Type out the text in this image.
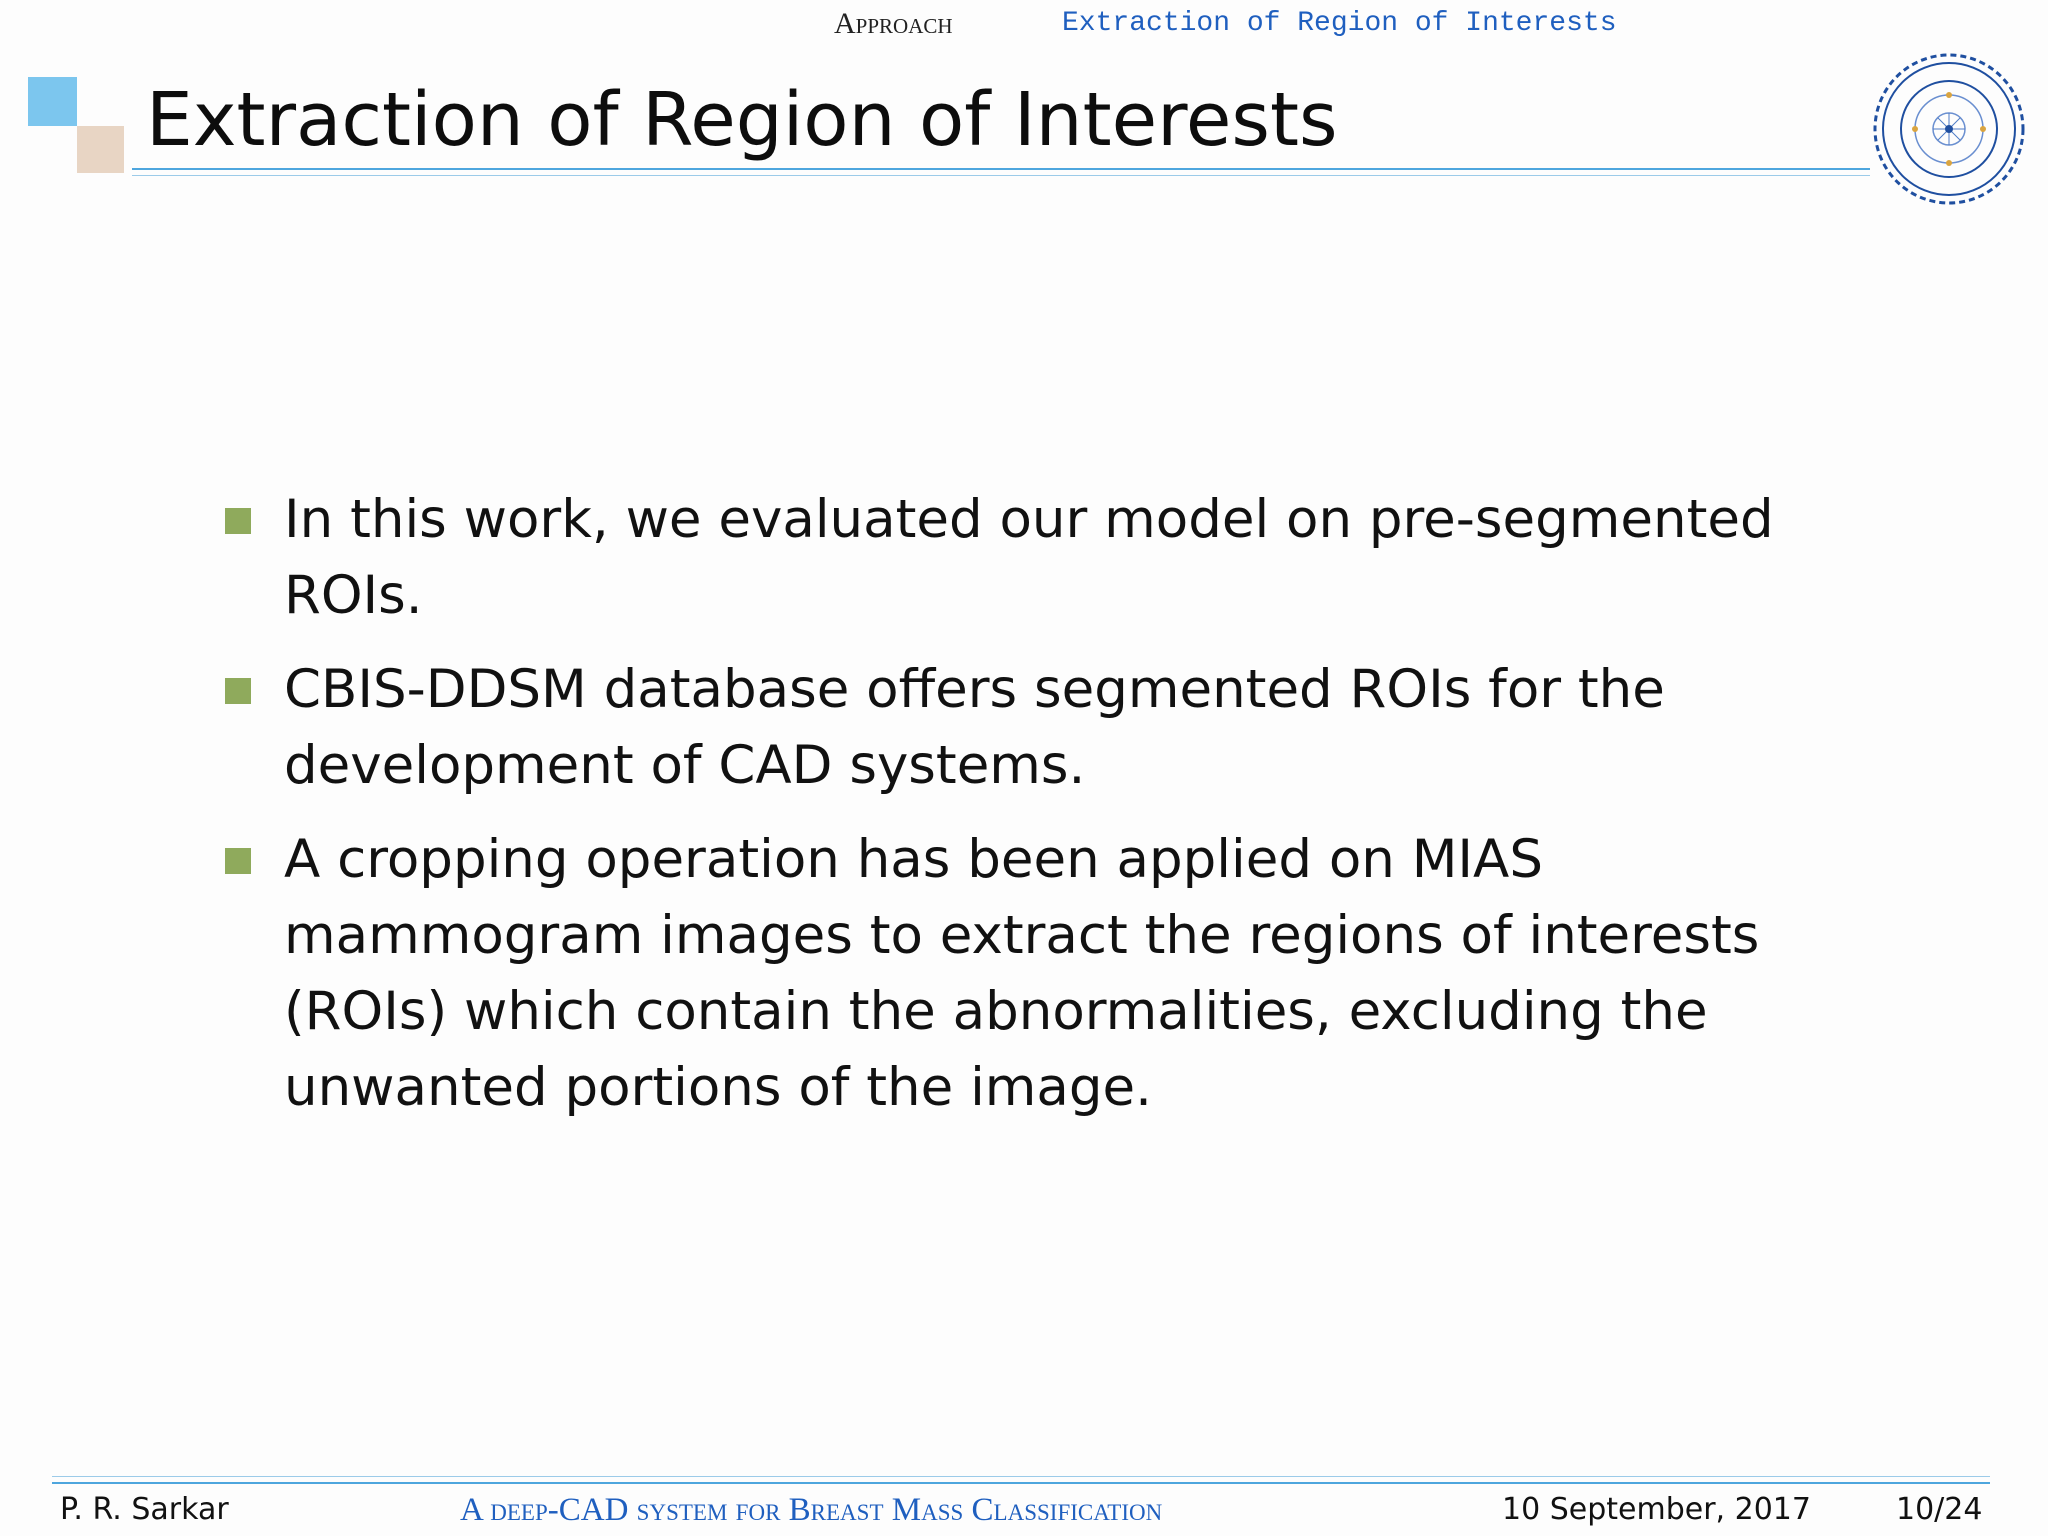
Approach	Extraction of Region of Interests
Extraction of Region of Interests
In this work, we evaluated our model on pre-segmented ROIs.
CBIS-DDSM database offers segmented ROIs for the development of CAD systems.
A cropping operation has been applied on MIAS mammogram images to extract the regions of interests (ROIs) which contain the abnormalities, excluding the unwanted portions of the image.
P. R. Sarkar	A deep-CAD system for Breast Mass Classification	10 September, 2017	10/24
